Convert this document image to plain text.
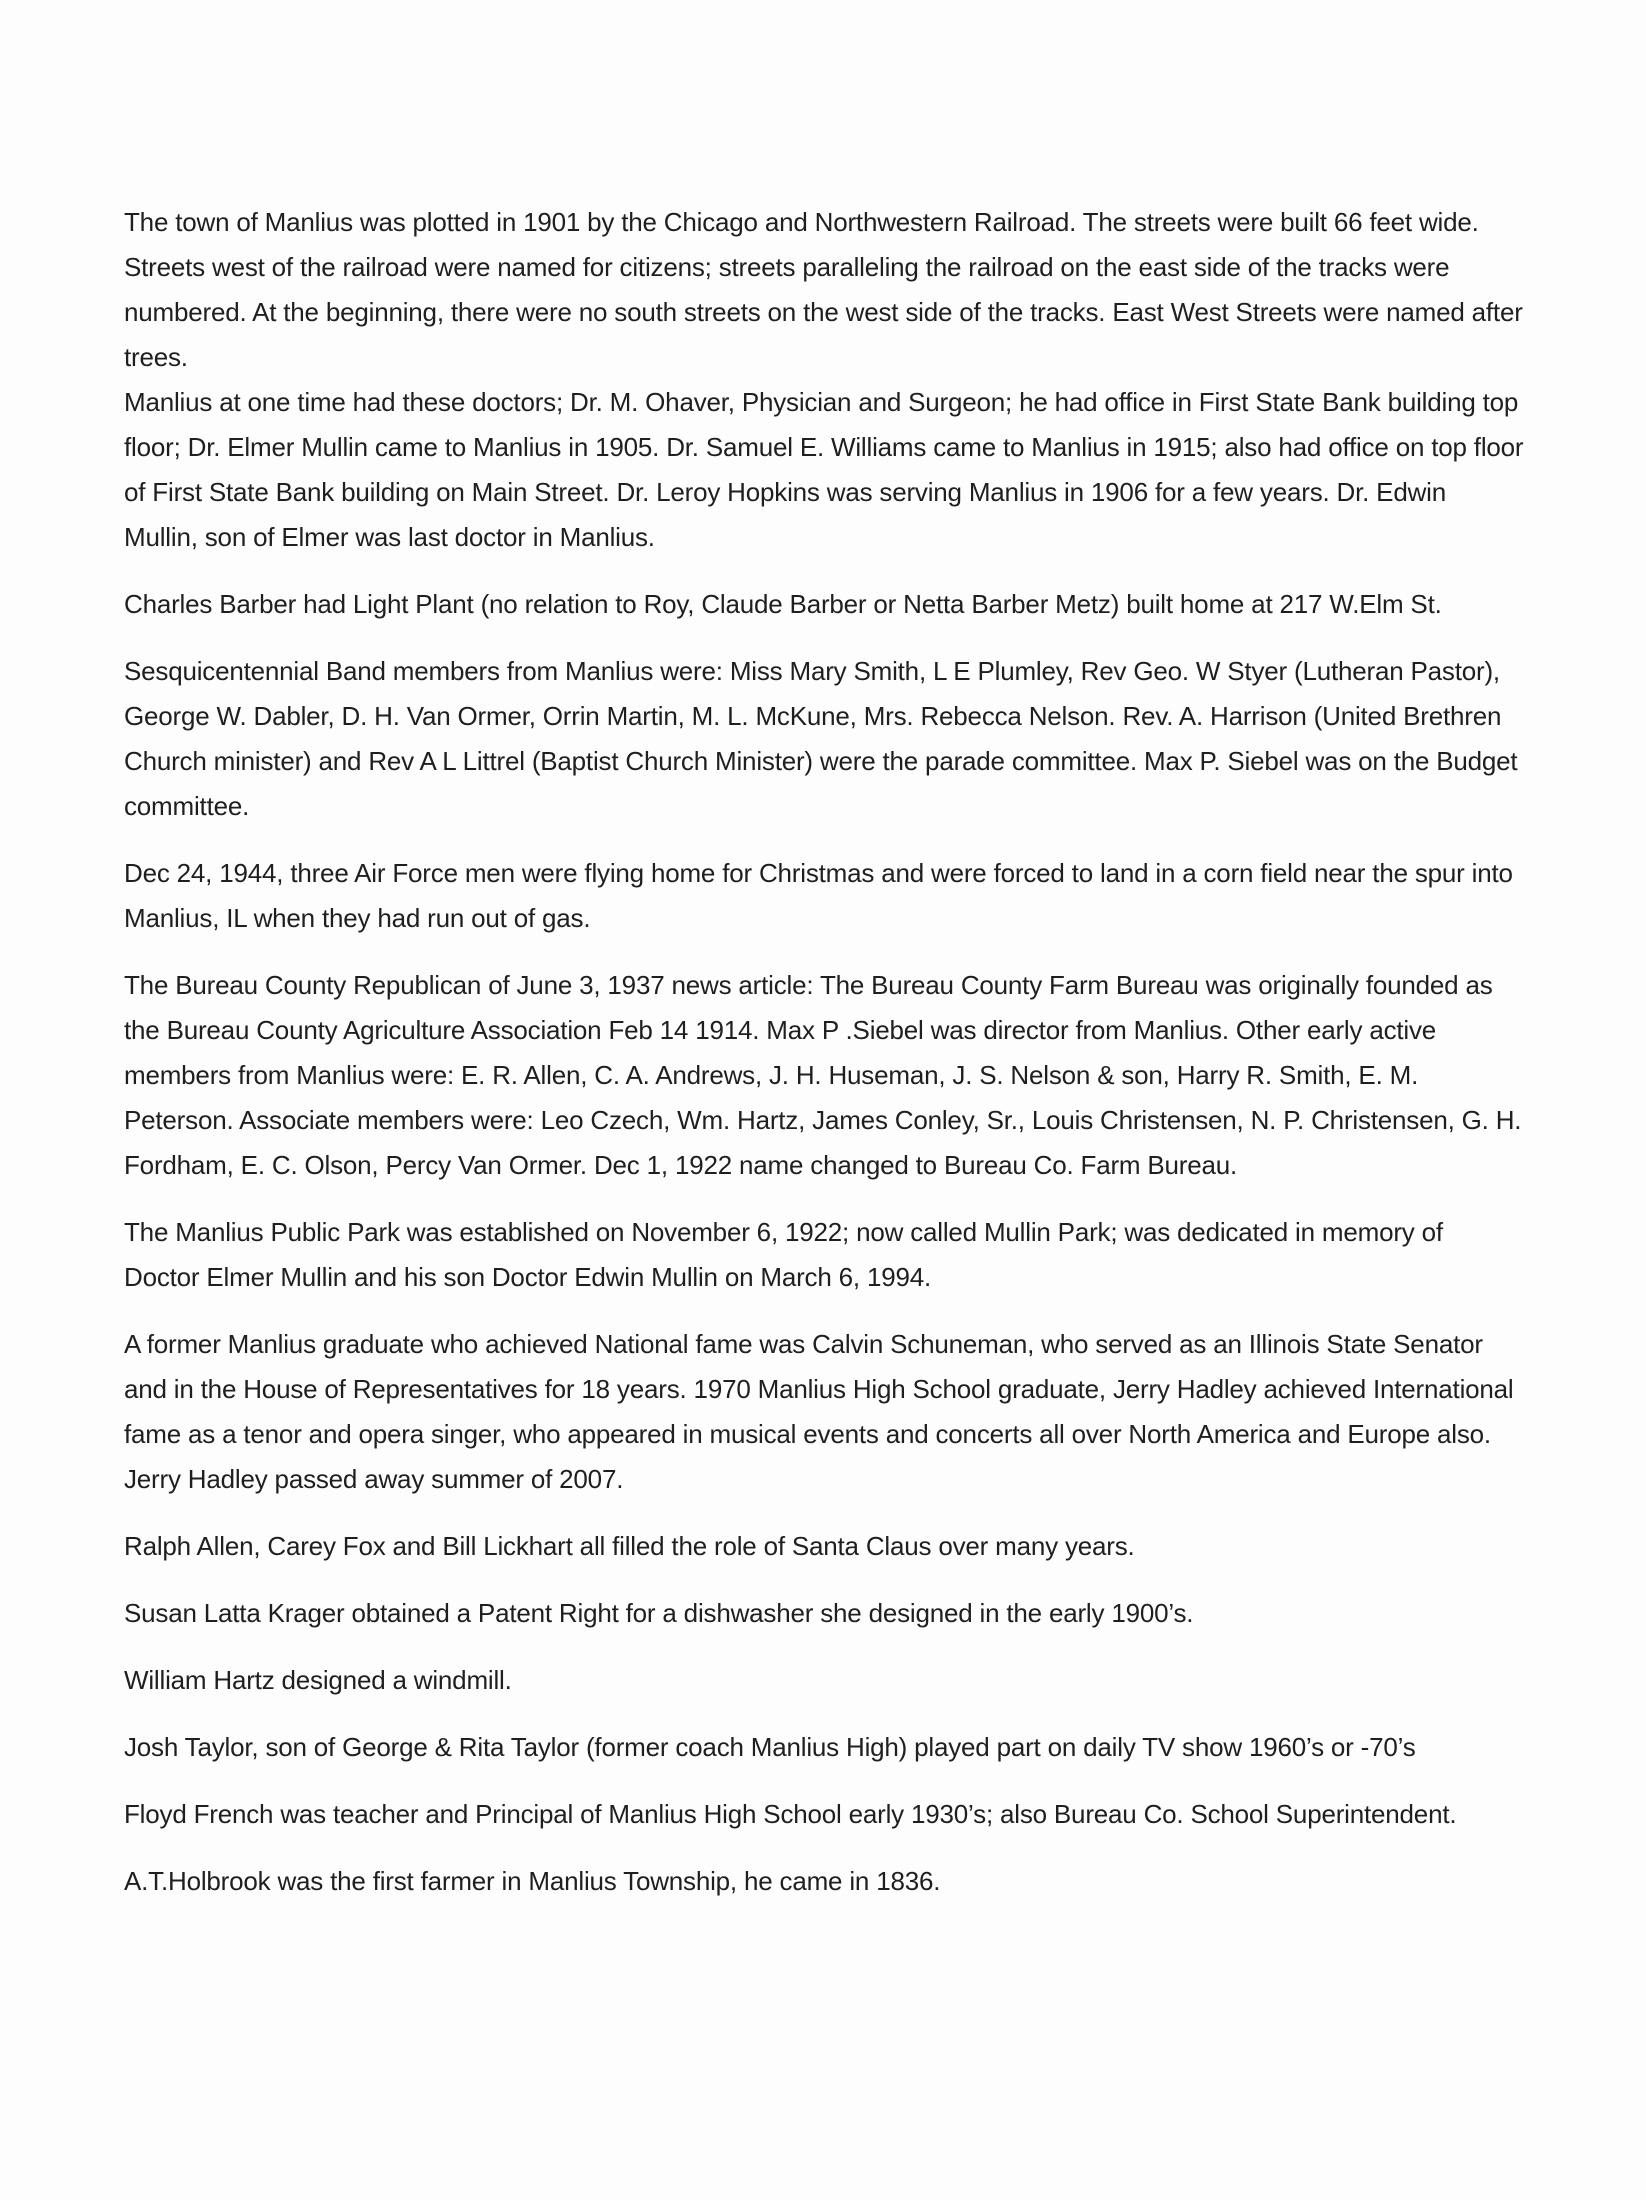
The town of Manlius was plotted in 1901 by the Chicago and Northwestern Railroad. The streets were built 66 feet wide. Streets west of the railroad were named for citizens; streets paralleling the railroad on the east side of the tracks were numbered. At the beginning, there were no south streets on the west side of the tracks. East West Streets were named after trees.

Manlius at one time had these doctors; Dr. M. Ohaver, Physician and Surgeon; he had office in First State Bank building top floor; Dr. Elmer Mullin came to Manlius in 1905. Dr. Samuel E. Williams came to Manlius in 1915; also had office on top floor of First State Bank building on Main Street. Dr. Leroy Hopkins was serving Manlius in 1906 for a few years. Dr. Edwin Mullin, son of Elmer was last doctor in Manlius.

Charles Barber had Light Plant (no relation to Roy, Claude Barber or Netta Barber Metz) built home at 217 W.Elm St.

Sesquicentennial Band members from Manlius were: Miss Mary Smith, L E Plumley, Rev Geo. W Styer (Lutheran Pastor), George W. Dabler, D. H. Van Ormer, Orrin Martin, M. L. McKune, Mrs. Rebecca Nelson. Rev. A. Harrison (United Brethren Church minister) and Rev A L Littrel (Baptist Church Minister) were the parade committee. Max P. Siebel was on the Budget committee.

Dec 24, 1944, three Air Force men were flying home for Christmas and were forced to land in a corn field near the spur into Manlius, IL when they had run out of gas.

The Bureau County Republican of June 3, 1937 news article: The Bureau County Farm Bureau was originally founded as the Bureau County Agriculture Association Feb 14 1914. Max P .Siebel was director from Manlius. Other early active members from Manlius were: E. R. Allen, C. A. Andrews, J. H. Huseman, J. S. Nelson & son, Harry R. Smith, E. M. Peterson. Associate members were: Leo Czech, Wm. Hartz, James Conley, Sr., Louis Christensen, N. P. Christensen, G. H. Fordham, E. C. Olson, Percy Van Ormer. Dec 1, 1922 name changed to Bureau Co. Farm Bureau.

The Manlius Public Park was established on November 6, 1922; now called Mullin Park; was dedicated in memory of Doctor Elmer Mullin and his son Doctor Edwin Mullin on March 6, 1994.

A former Manlius graduate who achieved National fame was Calvin Schuneman, who served as an Illinois State Senator and in the House of Representatives for 18 years. 1970 Manlius High School graduate, Jerry Hadley achieved International fame as a tenor and opera singer, who appeared in musical events and concerts all over North America and Europe also. Jerry Hadley passed away summer of 2007.

Ralph Allen, Carey Fox and Bill Lickhart all filled the role of Santa Claus over many years.

Susan Latta Krager obtained a Patent Right for a dishwasher she designed in the early 1900’s.

William Hartz designed a windmill.

Josh Taylor, son of George & Rita Taylor (former coach Manlius High) played part on daily TV show 1960’s or -70’s

Floyd French was teacher and Principal of Manlius High School early 1930’s; also Bureau Co. School Superintendent.

A.T.Holbrook was the first farmer in Manlius Township, he came in 1836.
